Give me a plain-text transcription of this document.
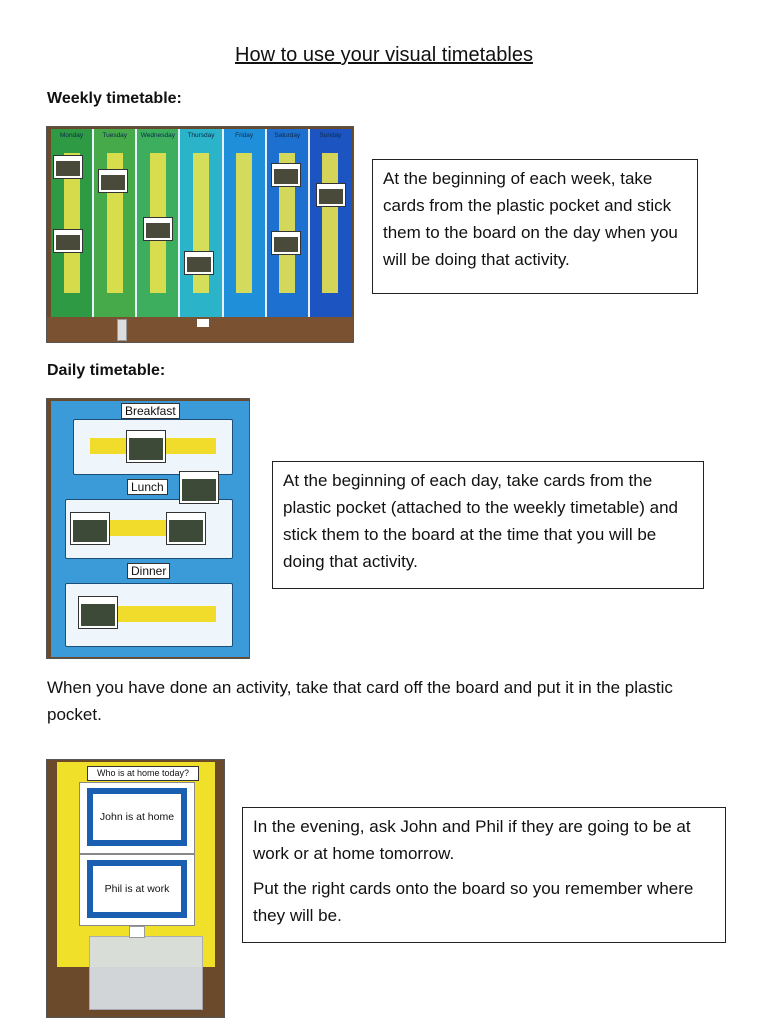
How to use your visual timetables
Weekly timetable:
Monday	Tuesday	Wednesday	Thursday	Friday	Saturday	Sunday
At the beginning of each week, take cards from the plastic pocket and stick them to the board on the day when you will be doing that activity.
Daily timetable:
Breakfast
Lunch
Dinner
At the beginning of each day, take cards from the plastic pocket (attached to the weekly timetable) and stick them to the board at the time that you will be doing that activity.
When you have done an activity, take that card off the board and put it in the plastic pocket.
Who is at home today?
John is at home
Phil is at work
In the evening, ask John and Phil if they are going to be at work or at home tomorrow.
Put the right cards onto the board so you remember where they will be.
